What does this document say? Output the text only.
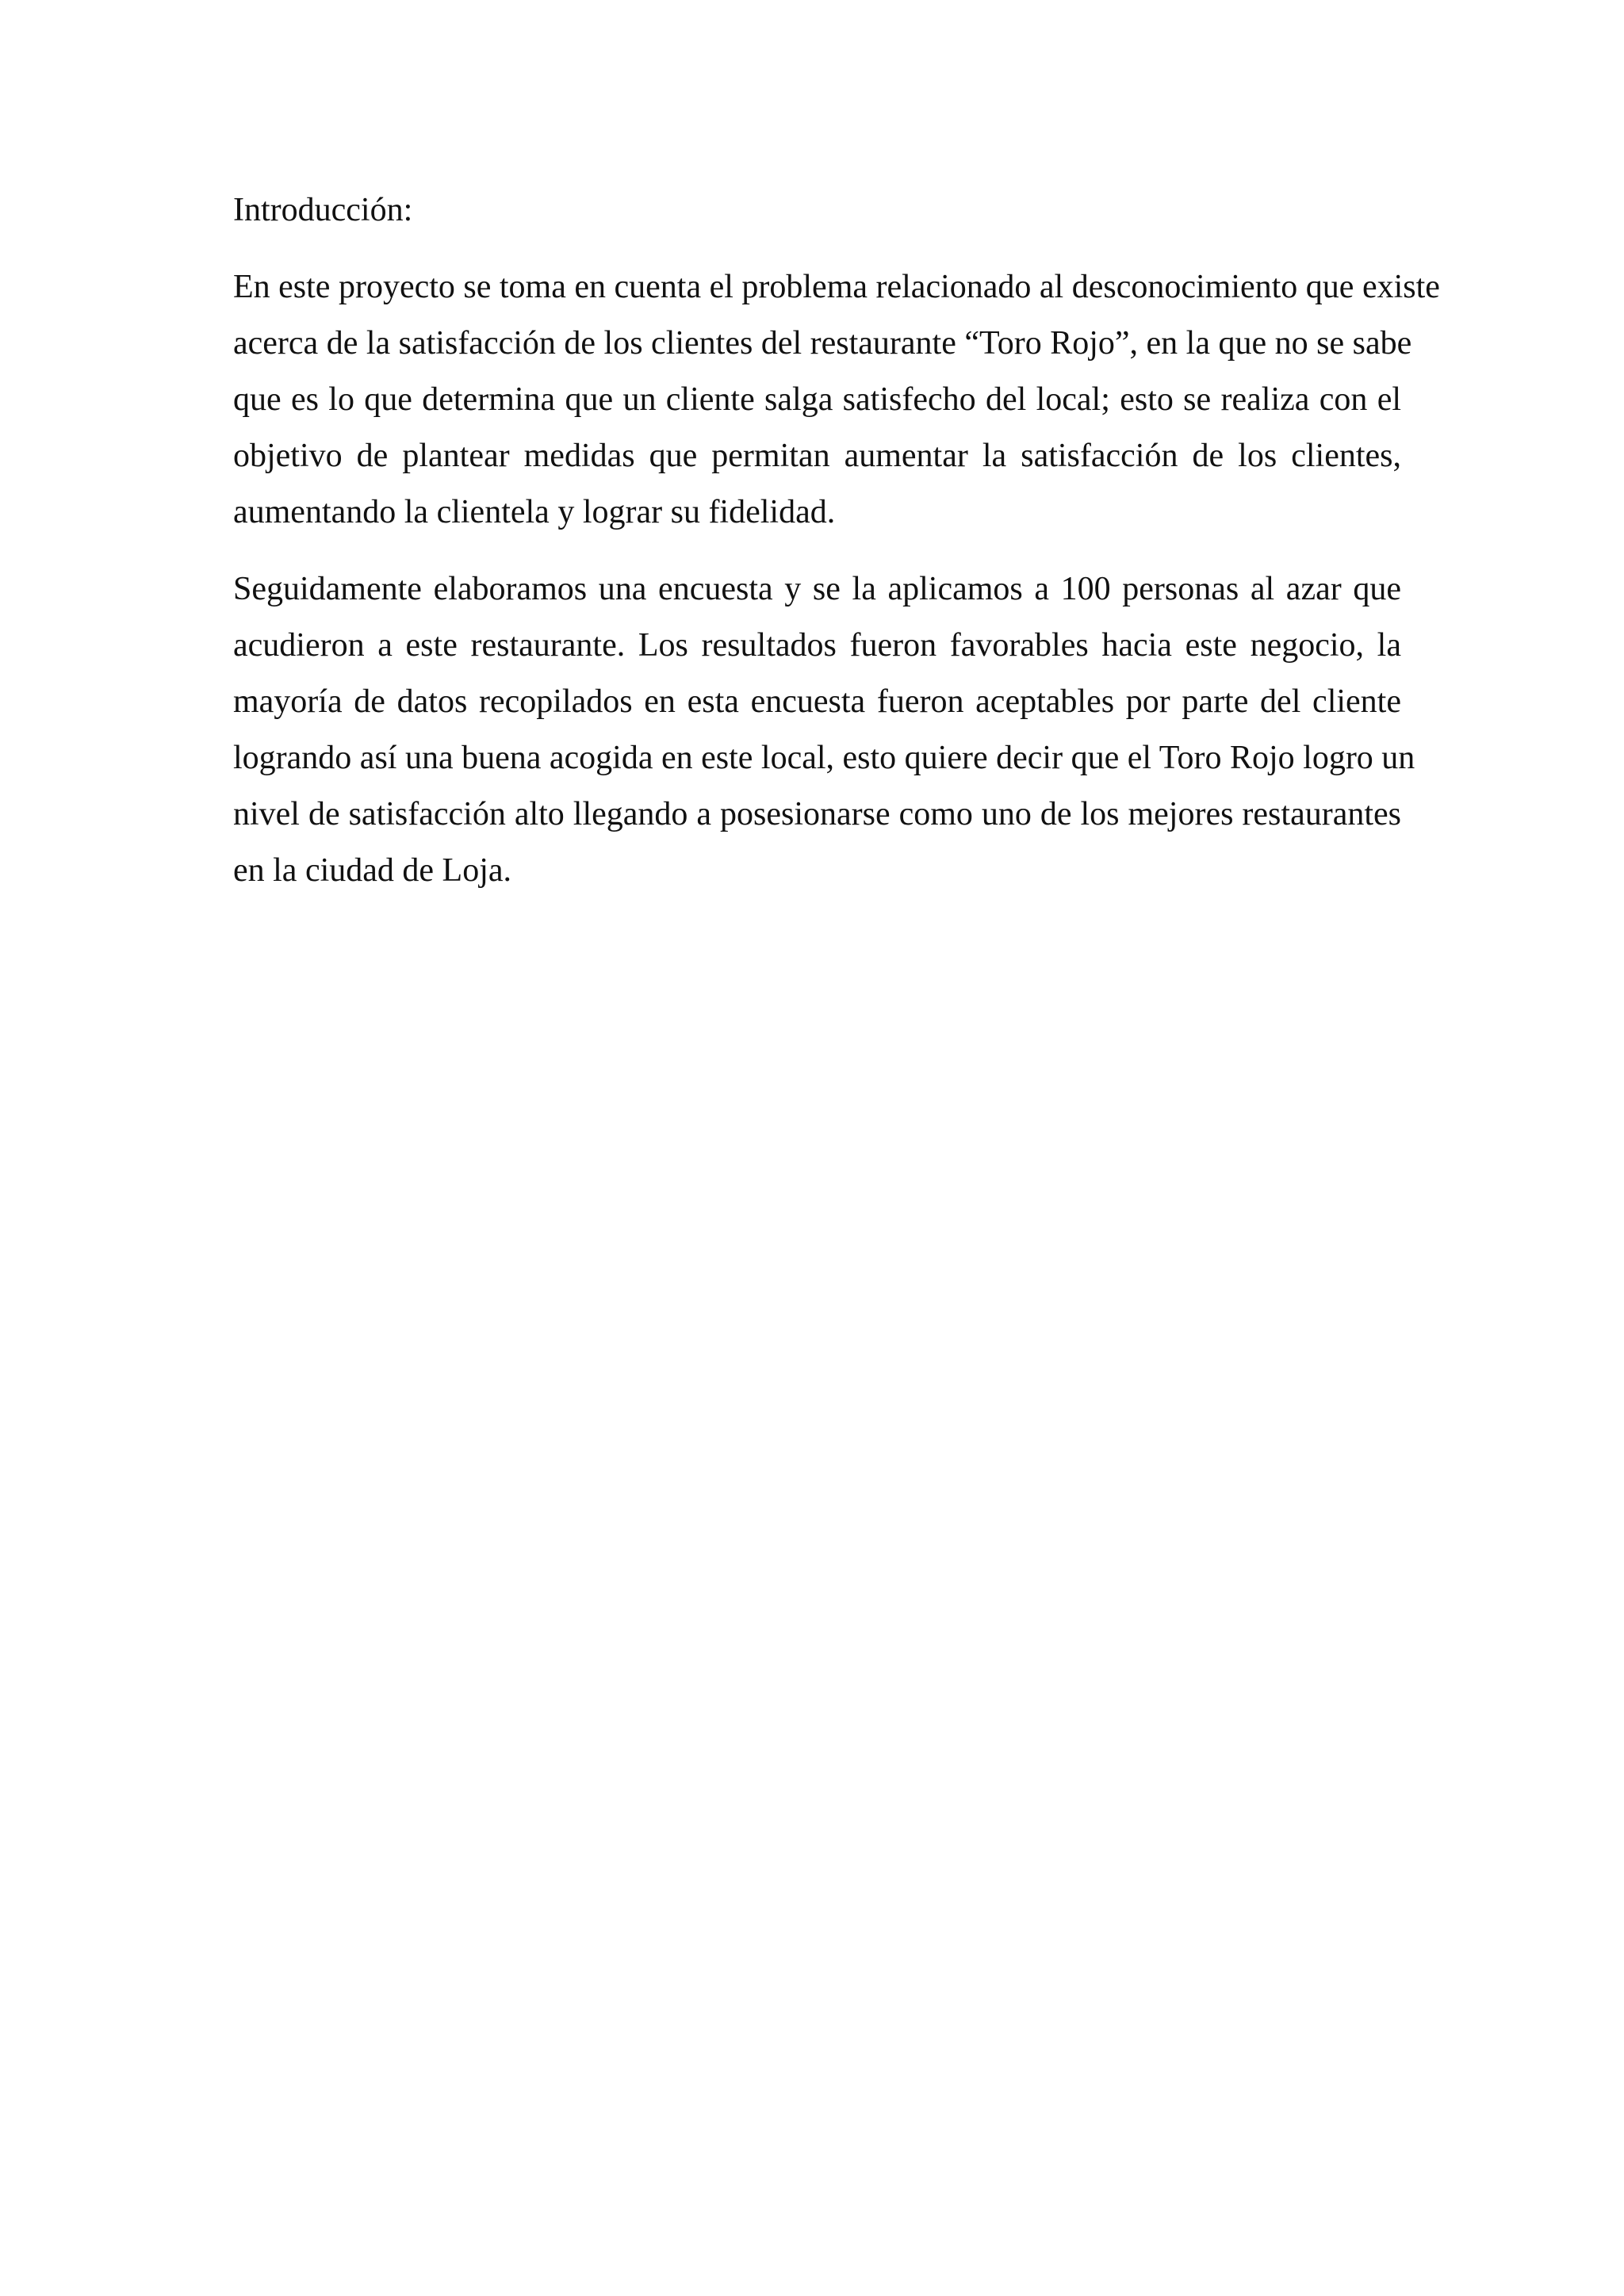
Introducción:
En este proyecto se toma en cuenta el problema relacionado al desconocimiento que existe
acerca de la satisfacción de los clientes del restaurante “Toro Rojo”, en la que no se sabe
que es lo que determina que un cliente salga satisfecho del local; esto se realiza con el
objetivo de plantear medidas que permitan aumentar la satisfacción de los clientes,
aumentando la clientela y lograr su fidelidad.
Seguidamente elaboramos una encuesta y se la aplicamos a 100 personas al azar que
acudieron a este restaurante. Los resultados fueron favorables hacia este negocio, la
mayoría de datos recopilados en esta encuesta fueron aceptables por parte del cliente
logrando así una buena acogida en este local, esto quiere decir que el Toro Rojo logro un
nivel de satisfacción alto llegando a posesionarse como uno de los mejores restaurantes
en la ciudad de Loja.
